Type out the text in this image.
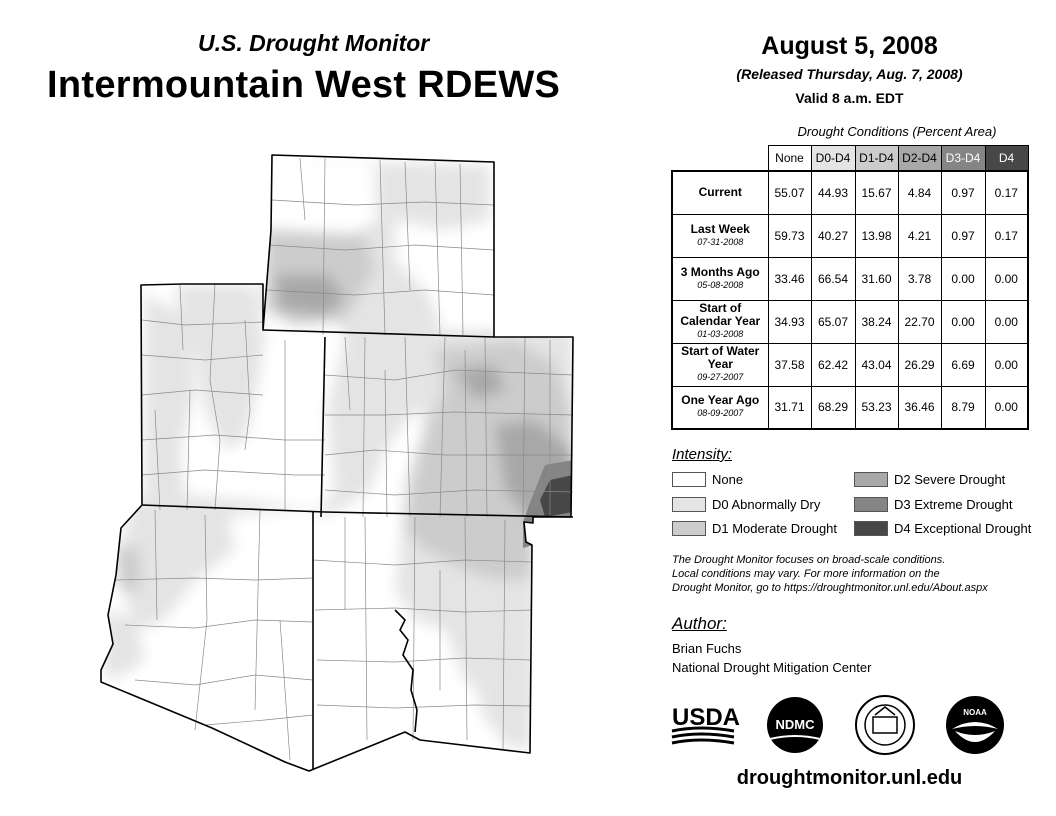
U.S. Drought Monitor
Intermountain West RDEWS
August 5, 2008
(Released Thursday, Aug. 7, 2008)
Valid 8 a.m. EDT
Drought Conditions (Percent Area)
	None	D0-D4	D1-D4	D2-D4	D3-D4	D4
Current	55.07	44.93	15.67	4.84	0.97	0.17
Last Week
07-31-2008	59.73	40.27	13.98	4.21	0.97	0.17
3 Months Ago
05-08-2008	33.46	66.54	31.60	3.78	0.00	0.00
Start of Calendar Year
01-03-2008	34.93	65.07	38.24	22.70	0.00	0.00
Start of Water Year
09-27-2007	37.58	62.42	43.04	26.29	6.69	0.00
One Year Ago
08-09-2007	31.71	68.29	53.23	36.46	8.79	0.00
Intensity:
None
D0 Abnormally Dry
D1 Moderate Drought
D2 Severe Drought
D3 Extreme Drought
D4 Exceptional Drought
The Drought Monitor focuses on broad-scale conditions.
Local conditions may vary. For more information on the
Drought Monitor, go to https://droughtmonitor.unl.edu/About.aspx
Author:
Brian Fuchs
National Drought Mitigation Center
USDA	NDMC
NOAA
droughtmonitor.unl.edu
